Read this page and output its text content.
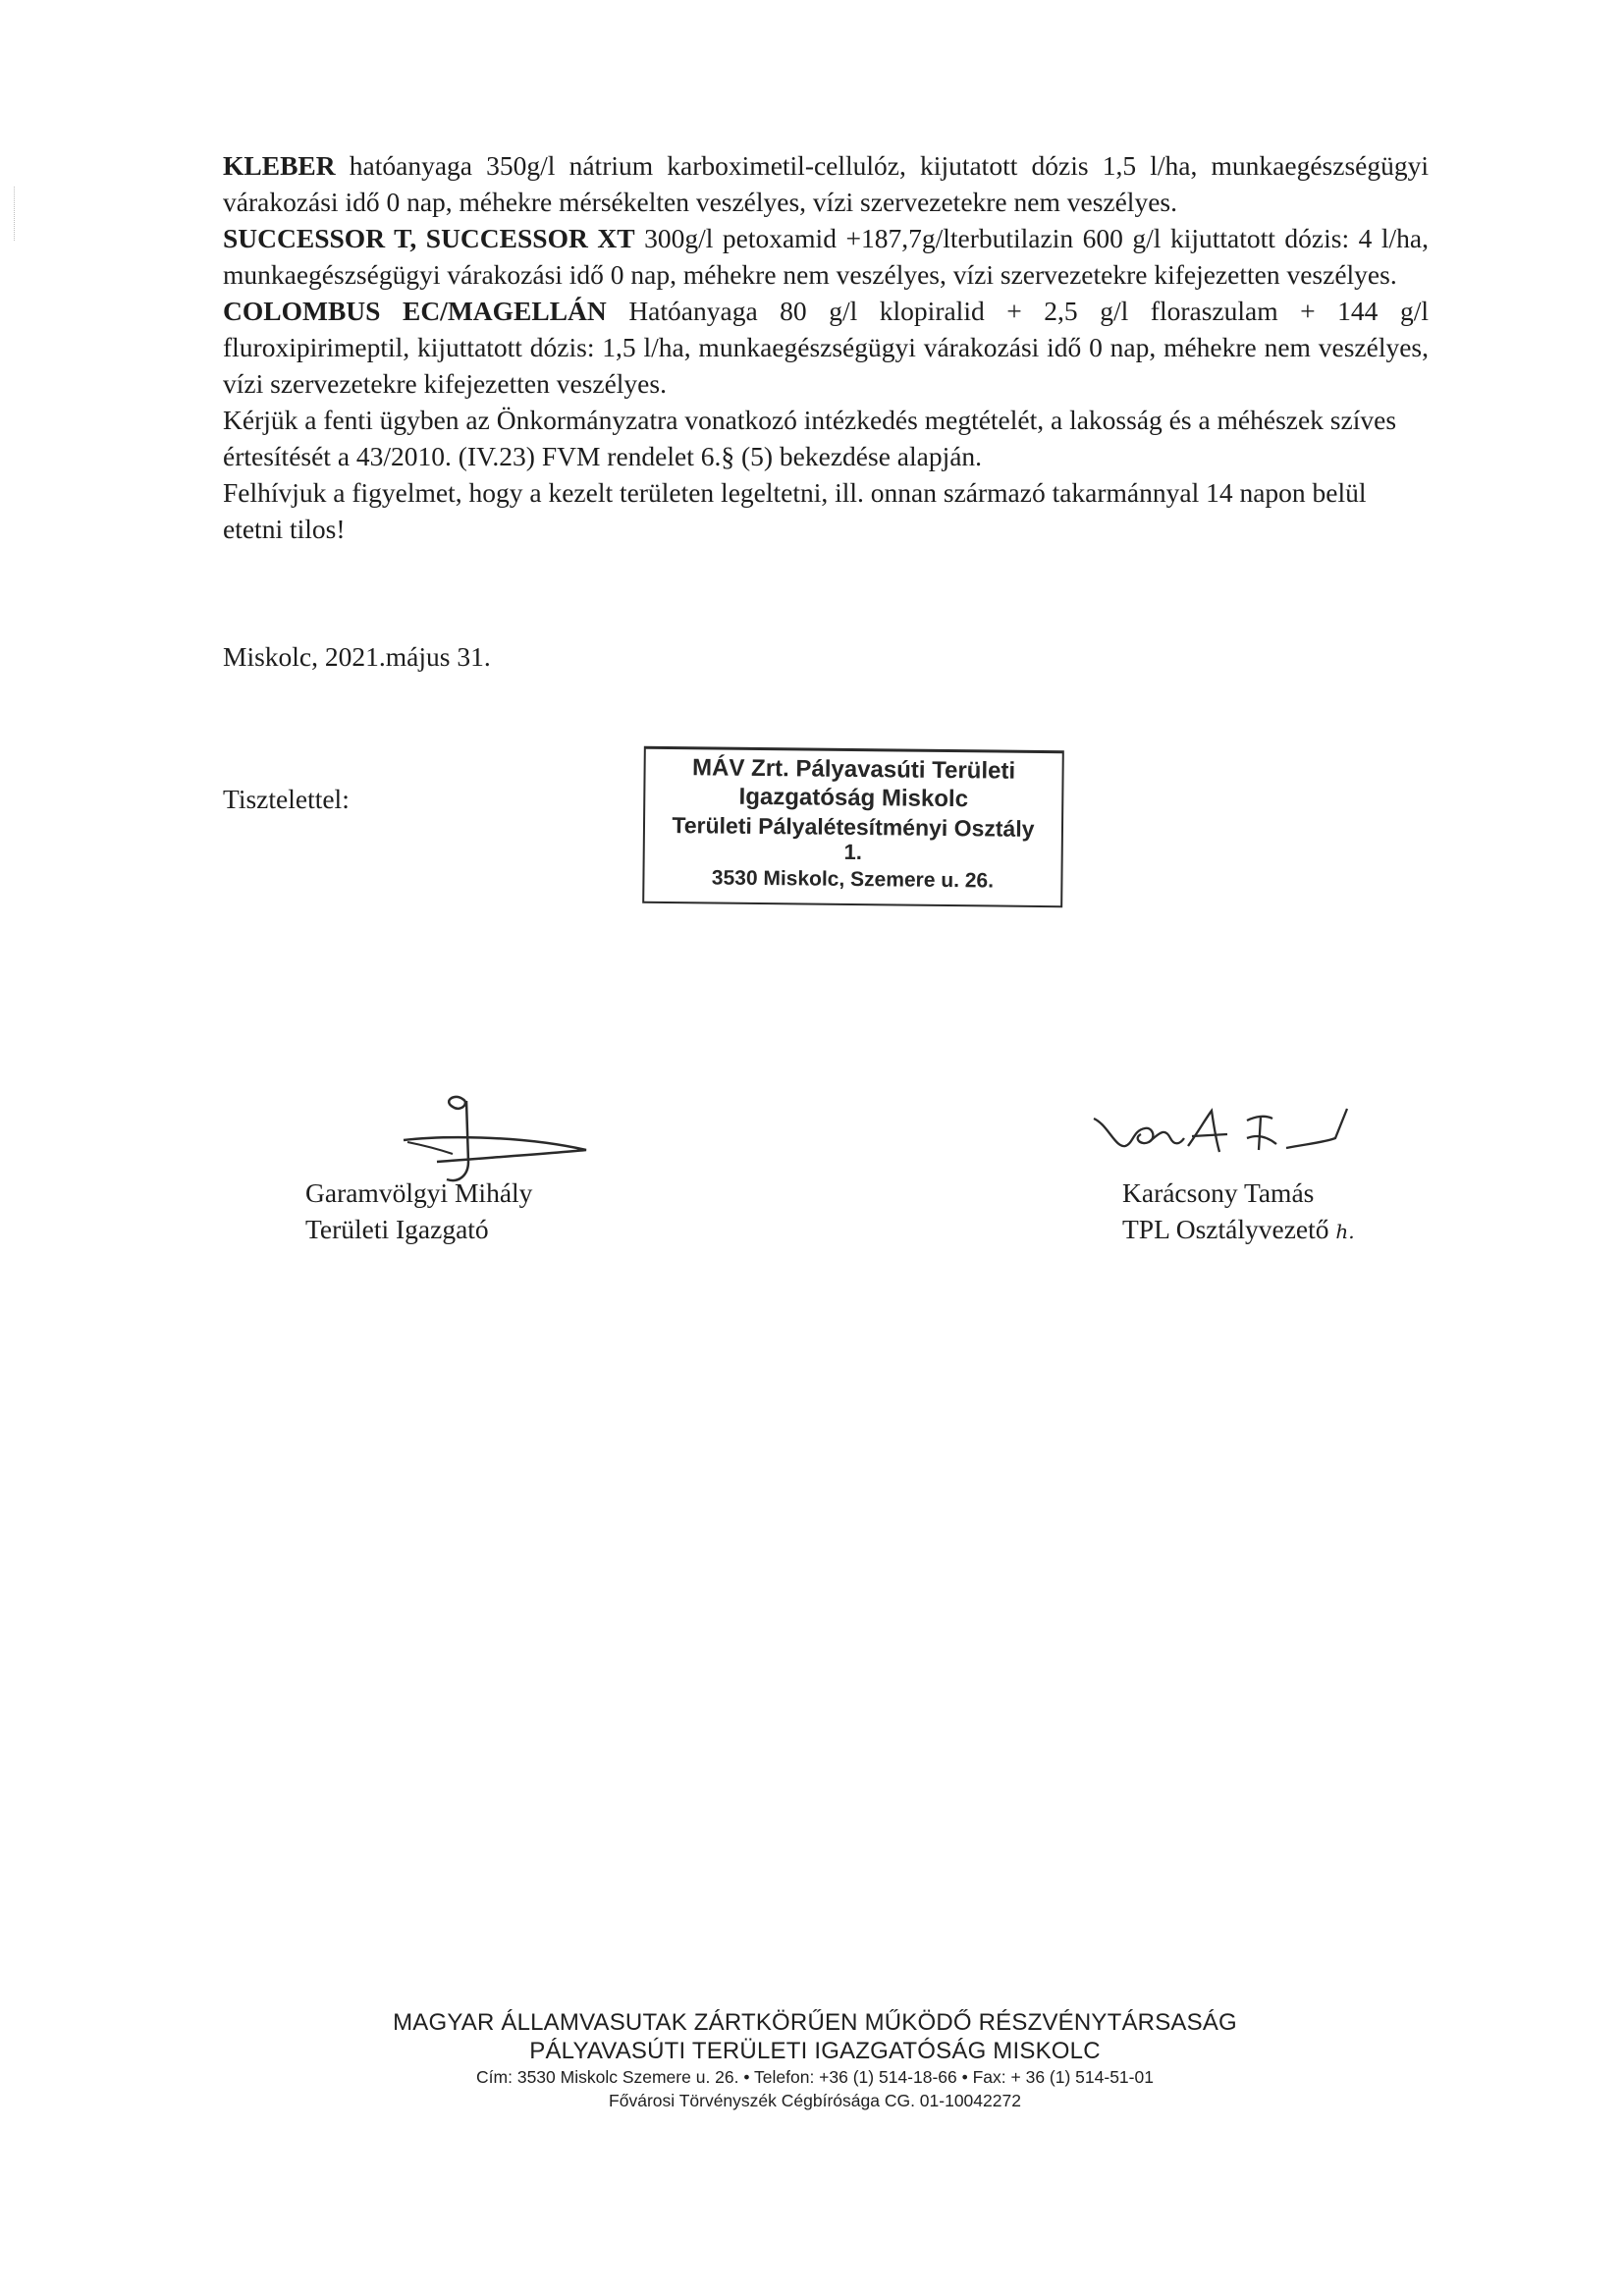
KLEBER hatóanyaga 350g/l nátrium karboximetil-cellulóz, kijutatott dózis 1,5 l/ha, munkaegészségügyi várakozási idő 0 nap, méhekre mérsékelten veszélyes, vízi szervezetekre nem veszélyes.

SUCCESSOR T, SUCCESSOR XT 300g/l petoxamid +187,7g/lterbutilazin 600 g/l kijuttatott dózis: 4 l/ha, munkaegészségügyi várakozási idő 0 nap, méhekre nem veszélyes, vízi szervezetekre kifejezetten veszélyes.

COLOMBUS EC/MAGELLÁN Hatóanyaga 80 g/l klopiralid + 2,5 g/l floraszulam + 144 g/l fluroxipirimeptil, kijuttatott dózis: 1,5 l/ha, munkaegészségügyi várakozási idő 0 nap, méhekre nem veszélyes, vízi szervezetekre kifejezetten veszélyes.

Kérjük a fenti ügyben az Önkormányzatra vonatkozó intézkedés megtételét, a lakosság és a méhészek szíves értesítését a 43/2010. (IV.23) FVM rendelet 6.§ (5) bekezdése alapján.

Felhívjuk a figyelmet, hogy a kezelt területen legeltetni, ill. onnan származó takarmánnyal 14 napon belül etetni tilos!

Miskolc, 2021.május 31.
Tisztelettel:
MÁV Zrt. Pályavasúti Területi
Igazgatóság Miskolc
Területi Pályalétesítményi Osztály
1.
3530 Miskolc, Szemere u. 26.
Garamvölgyi Mihály
Területi Igazgató
Karácsony Tamás
TPL Osztályvezető h.
MAGYAR ÁLLAMVASUTAK ZÁRTKÖRŰEN MŰKÖDŐ RÉSZVÉNYTÁRSASÁG
PÁLYAVASÚTI TERÜLETI IGAZGATÓSÁG MISKOLC
Cím: 3530 Miskolc Szemere u. 26. • Telefon: +36 (1) 514-18-66 • Fax: + 36 (1) 514-51-01
Fővárosi Törvényszék Cégbírósága CG. 01-10042272
